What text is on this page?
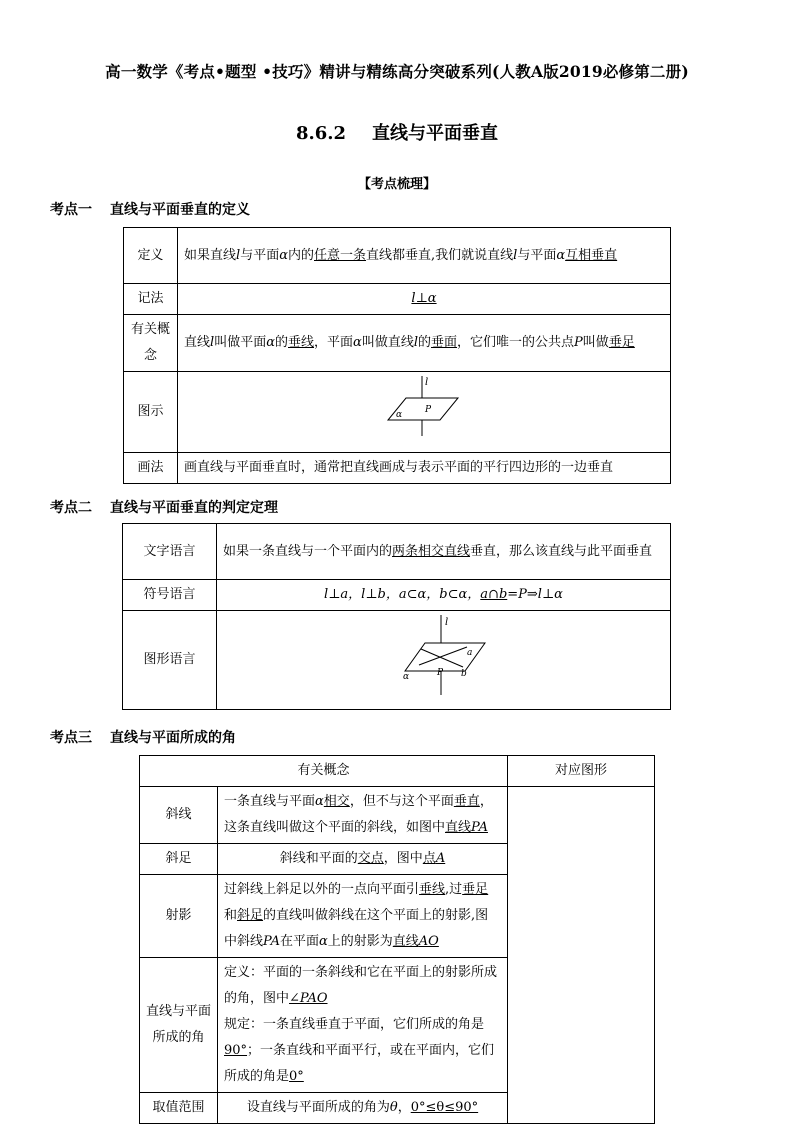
高一数学《考点•题型 •技巧》精讲与精练高分突破系列(人教A版2019必修第二册)
8.6.2 直线与平面垂直
【考点梳理】
考点一 直线与平面垂直的定义
定义	如果直线l与平面α内的任意一条直线都垂直,我们就说直线l与平面α互相垂直
记法	l⊥α
有关概念	直线l叫做平面α的垂线，平面α叫做直线l的垂面，它们唯一的公共点P叫做垂足
图示	l
α P

画法	画直线与平面垂直时，通常把直线画成与表示平面的平行四边形的一边垂直
考点二 直线与平面垂直的判定定理
文字语言	如果一条直线与一个平面内的两条相交直线垂直，那么该直线与此平面垂直
符号语言	l⊥a，l⊥b，a⊂α，b⊂α，a∩b=P⇒l⊥α
图形语言	l
a
b
α P
考点三 直线与平面所成的角
有关概念		对应图形
斜线	一条直线与平面α相交，但不与这个平面垂直，这条直线叫做这个平面的斜线，如图中直线PA	
斜足	斜线和平面的交点，图中点A	
射影	过斜线上斜足以外的一点向平面引垂线,过垂足和斜足的直线叫做斜线在这个平面上的射影,图中斜线PA在平面α上的射影为直线AO	
直线与平面所成的角	定义：平面的一条斜线和它在平面上的射影所成的角，图中∠PAO
规定：一条直线垂直于平面，它们所成的角是90°；一条直线和平面平行，或在平面内，它们所成的角是0°	
取值范围	设直线与平面所成的角为θ，0°≤θ≤90°	
